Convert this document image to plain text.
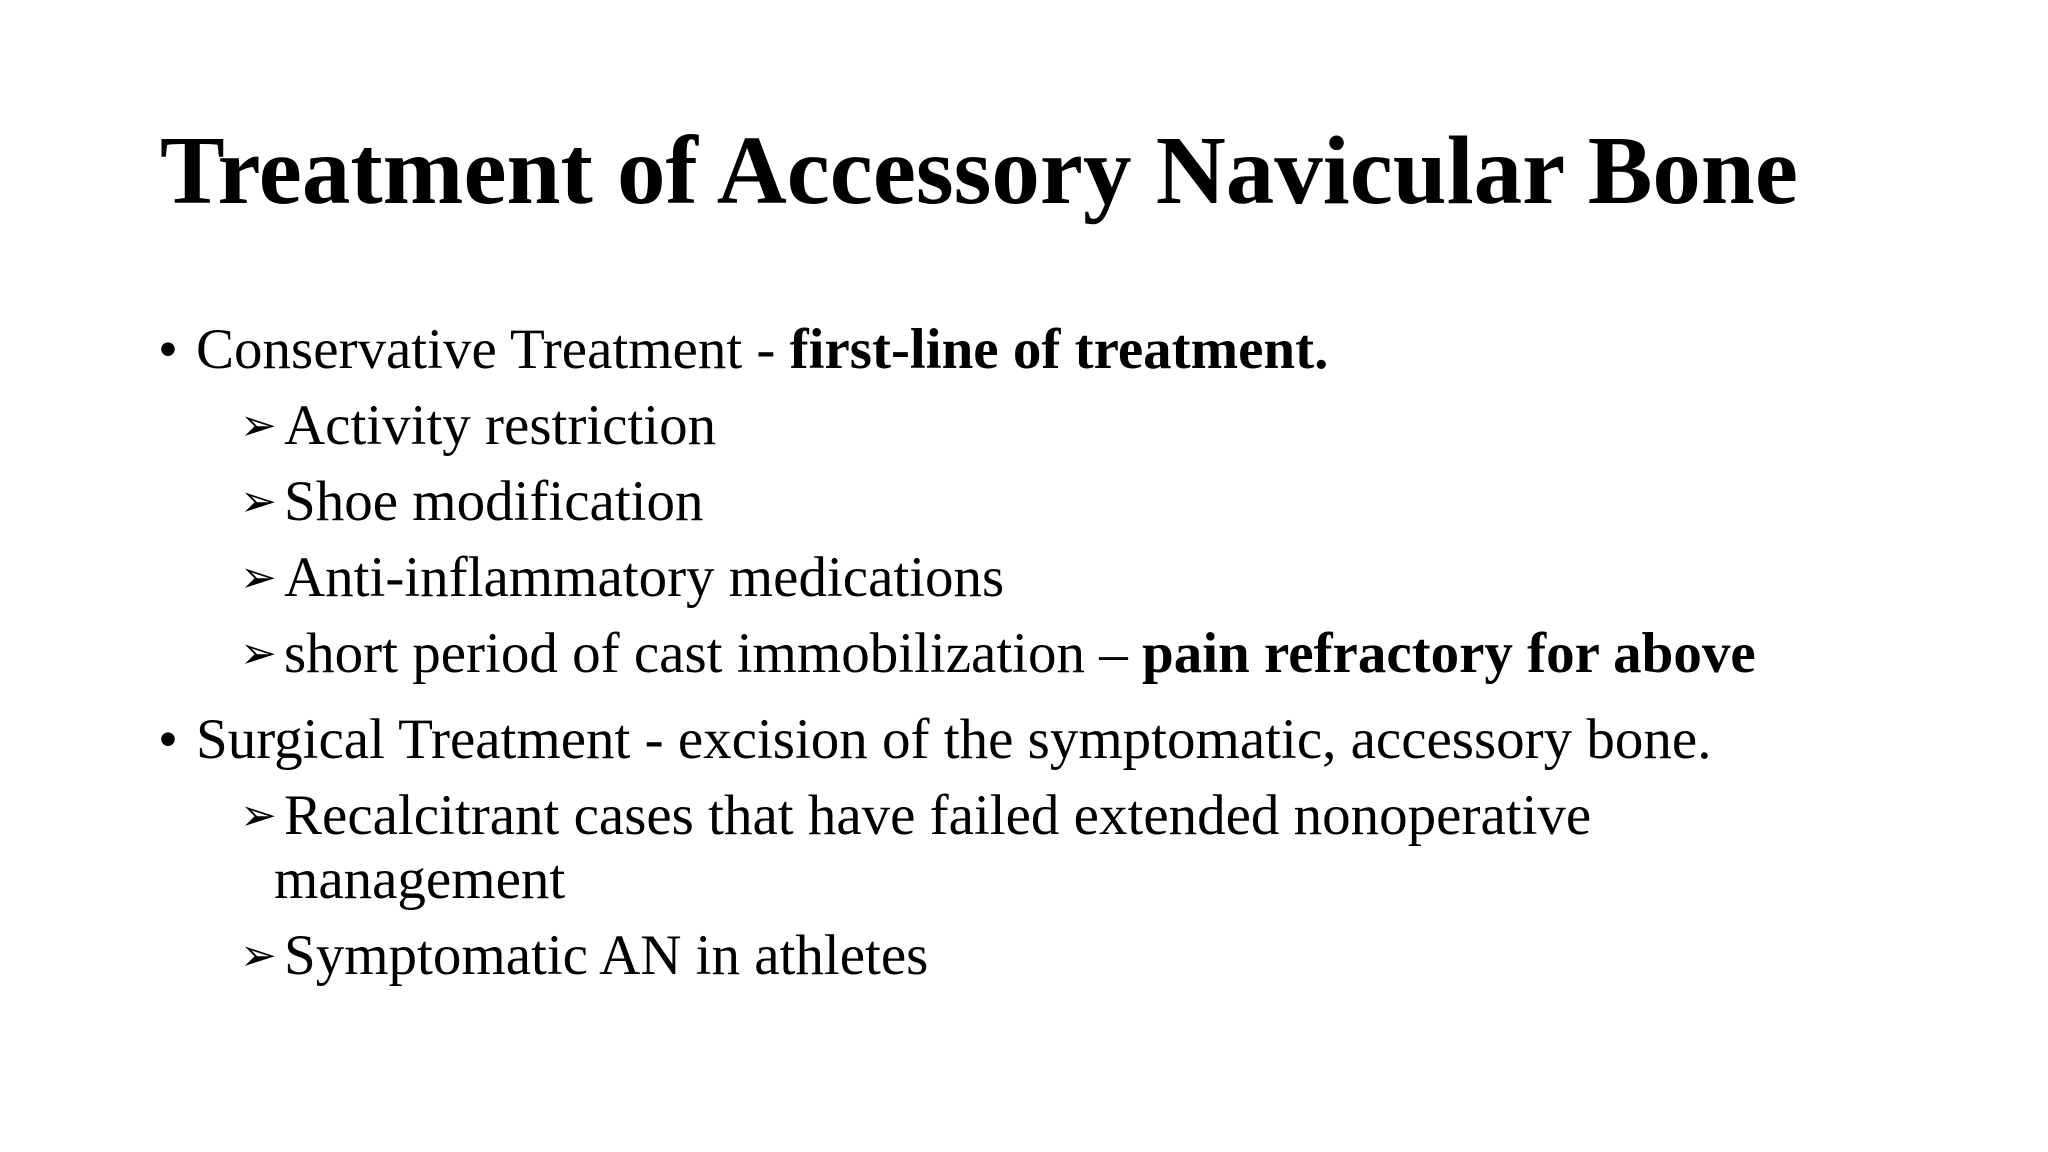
Treatment of Accessory Navicular Bone
• Conservative Treatment - first-line of treatment.
➢ Activity restriction
➢ Shoe modification
➢ Anti-inflammatory medications
➢ short period of cast immobilization – pain refractory for above
• Surgical Treatment - excision of the symptomatic, accessory bone.
➢ Recalcitrant cases that have failed extended nonoperative
management
➢ Symptomatic AN in athletes
